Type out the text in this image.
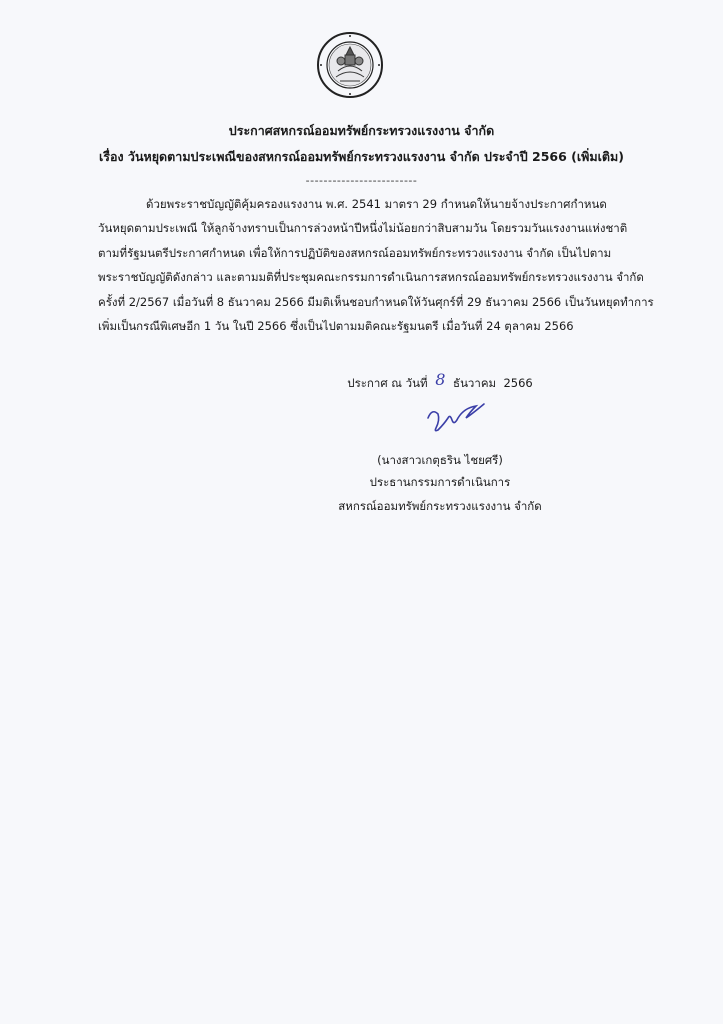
ประกาศสหกรณ์ออมทรัพย์กระทรวงแรงงาน จำกัด
เรื่อง วันหยุดตามประเพณีของสหกรณ์ออมทรัพย์กระทรวงแรงงาน จำกัด ประจำปี 2566 (เพิ่มเติม)
-------------------------
ด้วยพระราชบัญญัติคุ้มครองแรงงาน พ.ศ. 2541 มาตรา 29 กำหนดให้นายจ้างประกาศกำหนด
วันหยุดตามประเพณี ให้ลูกจ้างทราบเป็นการล่วงหน้าปีหนึ่งไม่น้อยกว่าสิบสามวัน โดยรวมวันแรงงานแห่งชาติ
ตามที่รัฐมนตรีประกาศกำหนด เพื่อให้การปฏิบัติของสหกรณ์ออมทรัพย์กระทรวงแรงงาน จำกัด เป็นไปตาม
พระราชบัญญัติดังกล่าว และตามมติที่ประชุมคณะกรรมการดำเนินการสหกรณ์ออมทรัพย์กระทรวงแรงงาน จำกัด
ครั้งที่ 2/2567 เมื่อวันที่ 8 ธันวาคม 2566 มีมติเห็นชอบกำหนดให้วันศุกร์ที่ 29 ธันวาคม 2566 เป็นวันหยุดทำการ
เพิ่มเป็นกรณีพิเศษอีก 1 วัน ในปี 2566 ซึ่งเป็นไปตามมติคณะรัฐมนตรี เมื่อวันที่ 24 ตุลาคม 2566
ประกาศ ณ วันที่ 8 ธันวาคม 2566
(นางสาวเกตุธริน ไชยศรี)
ประธานกรรมการดำเนินการ
สหกรณ์ออมทรัพย์กระทรวงแรงงาน จำกัด
